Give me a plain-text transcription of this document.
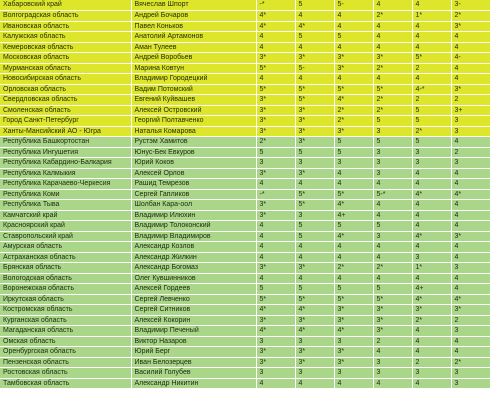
Хабаровский край	Вячеслав Шпорт	-*	5	5-	4	4	3-		
Волгоградская область	Андрей Бочаров	4*	4	4	2*	1*	2*		
Ивановская область	Павел Коньков	4*	4*	4	4	4	3*		
Калужская область	Анатолий Артамонов	4	5	5	4	4	4		
Кемеровская область	Аман Тулеев	4	4	4	4	4	4		
Московская область	Андрей Воробьев	3*	3*	3*	3*	5*	4-		
Мурманская область	Марина Ковтун	5*	5-	3*	2*	2	4		
Новосибирская область	Владимир Городецкий	4	4	4	4	4	4		
Орловская область	Вадим Потомский	5*	5*	5*	5*	4-*	3*		
Свердловская область	Евгений Куйвашев	3*	5*	4*	2*	2	2		
Смоленская область	Алексей Островский	3*	3*	2*	2*	5	3+		
Город Санкт-Петербург	Георгий Полтавченко	3*	3*	2*	5	5	3		
Ханты-Мансийский АО - Югра	Наталья Комарова	3*	3*	3*	3	2*	3		
Республика Башкортостан	Рустэм Хамитов	2*	3*	5	5	5	4		
Республика Ингушетия	Юнус-Бек Евкуров	5	5	5	3	3	2		
Республика Кабардино-Балкария	Юрий Коков	3	3	3	3	3	3		
Республика Калмыкия	Алексей Орлов	3*	3*	4	3	4	4		
Республика Карачаево-Черкесия	Рашид Темрезов	4	4	4	4	4	4		
Республика Коми	Сергей Гапликов	-*	5*	5*	5-*	4*	4*		
Республика Тыва	Шолбан Кара-оол	3*	5*	4*	4	4	4		
Камчатский край	Владимир Илюхин	3*	3	4+	4	4	4		
Красноярский край	Владимир Толоконский	4	5	5	5	4	4		
Ставропольский край	Владимир Владимиров	4	5	4*	3	4*	3*		
Амурская область	Александр Козлов	4	4	4	4	4	4		
Астраханская область	Александр Жилкин	4	4	4	4	3	4		
Брянская область	Александр Богомаз	3*	3*	2*	2*	1*	3		
Вологодская область	Олег Кувшинников	4	4	4	4	4	4		
Воронежская область	Алексей Гордеев	5	5	5	5	4+	4		
Иркутская область	Сергей Левченко	5*	5*	5*	5*	4*	4*		
Костромская область	Сергей Ситников	4*	4*	3*	3*	3*	3*		
Курганская область	Алексей Кокорин	3*	3*	3*	3*	2*	2		
Магаданская область	Владимир Печеный	4*	4*	4*	3*	4	3		
Омская область	Виктор Назаров	3	3	3	2	4	4		
Оренбургская область	Юрий Берг	3*	3*	3*	4	4	4		
Пензенская область	Иван Белозерцев	3*	3*	3*	3	2	2*		
Ростовская область	Василий Голубев	3	3	3	3	3	3		
Тамбовская область	Александр Никитин	4	4	4	4	4	3		
